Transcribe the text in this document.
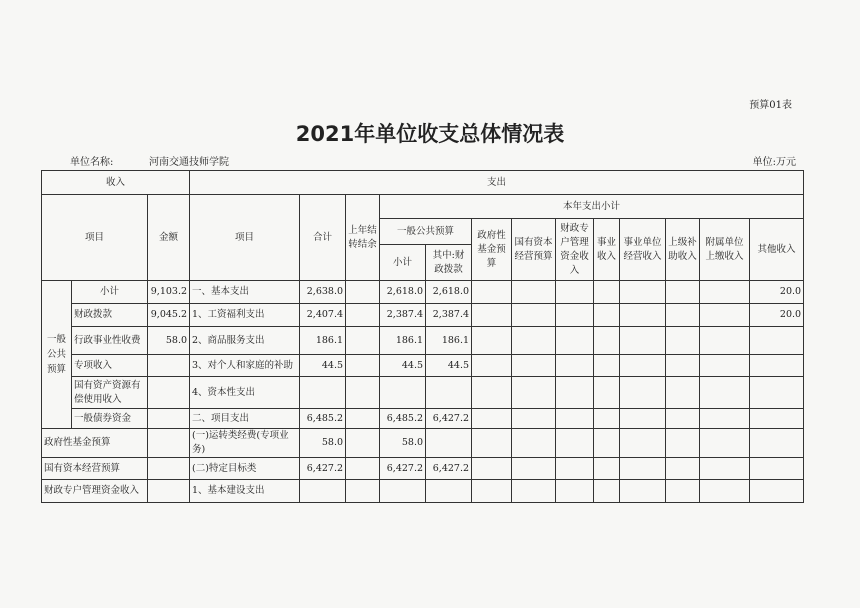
预算01表
2021年单位收支总体情况表
单位名称:	河南交通技师学院	单位:万元
收入			支出												
项目		金额	项目	合计	上年结转结余	本年支出小计									
						一般公共预算		政府性基金预算	国有资本经营预算	财政专户管理资金收入	事业收入	事业单位经营收入	上级补助收入	附属单位上缴收入	其他收入
						小计	其中:财政拨款								
一般公共预算	小计	9,103.2	一、基本支出	2,638.0		2,618.0	2,618.0								20.0
	财政拨款	9,045.2	1、工资福利支出	2,407.4		2,387.4	2,387.4								20.0
	行政事业性收费	58.0	2、商品服务支出	186.1		186.1	186.1								
	专项收入		3、对个人和家庭的补助	44.5		44.5	44.5								
	国有资产资源有偿使用收入		4、资本性支出												
	一般债券资金		二、项目支出	6,485.2		6,485.2	6,427.2								
政府性基金预算			(一)运转类经费(专项业务)	58.0		58.0									
国有资本经营预算			(二)特定目标类	6,427.2		6,427.2	6,427.2								
财政专户管理资金收入			1、基本建设支出												
